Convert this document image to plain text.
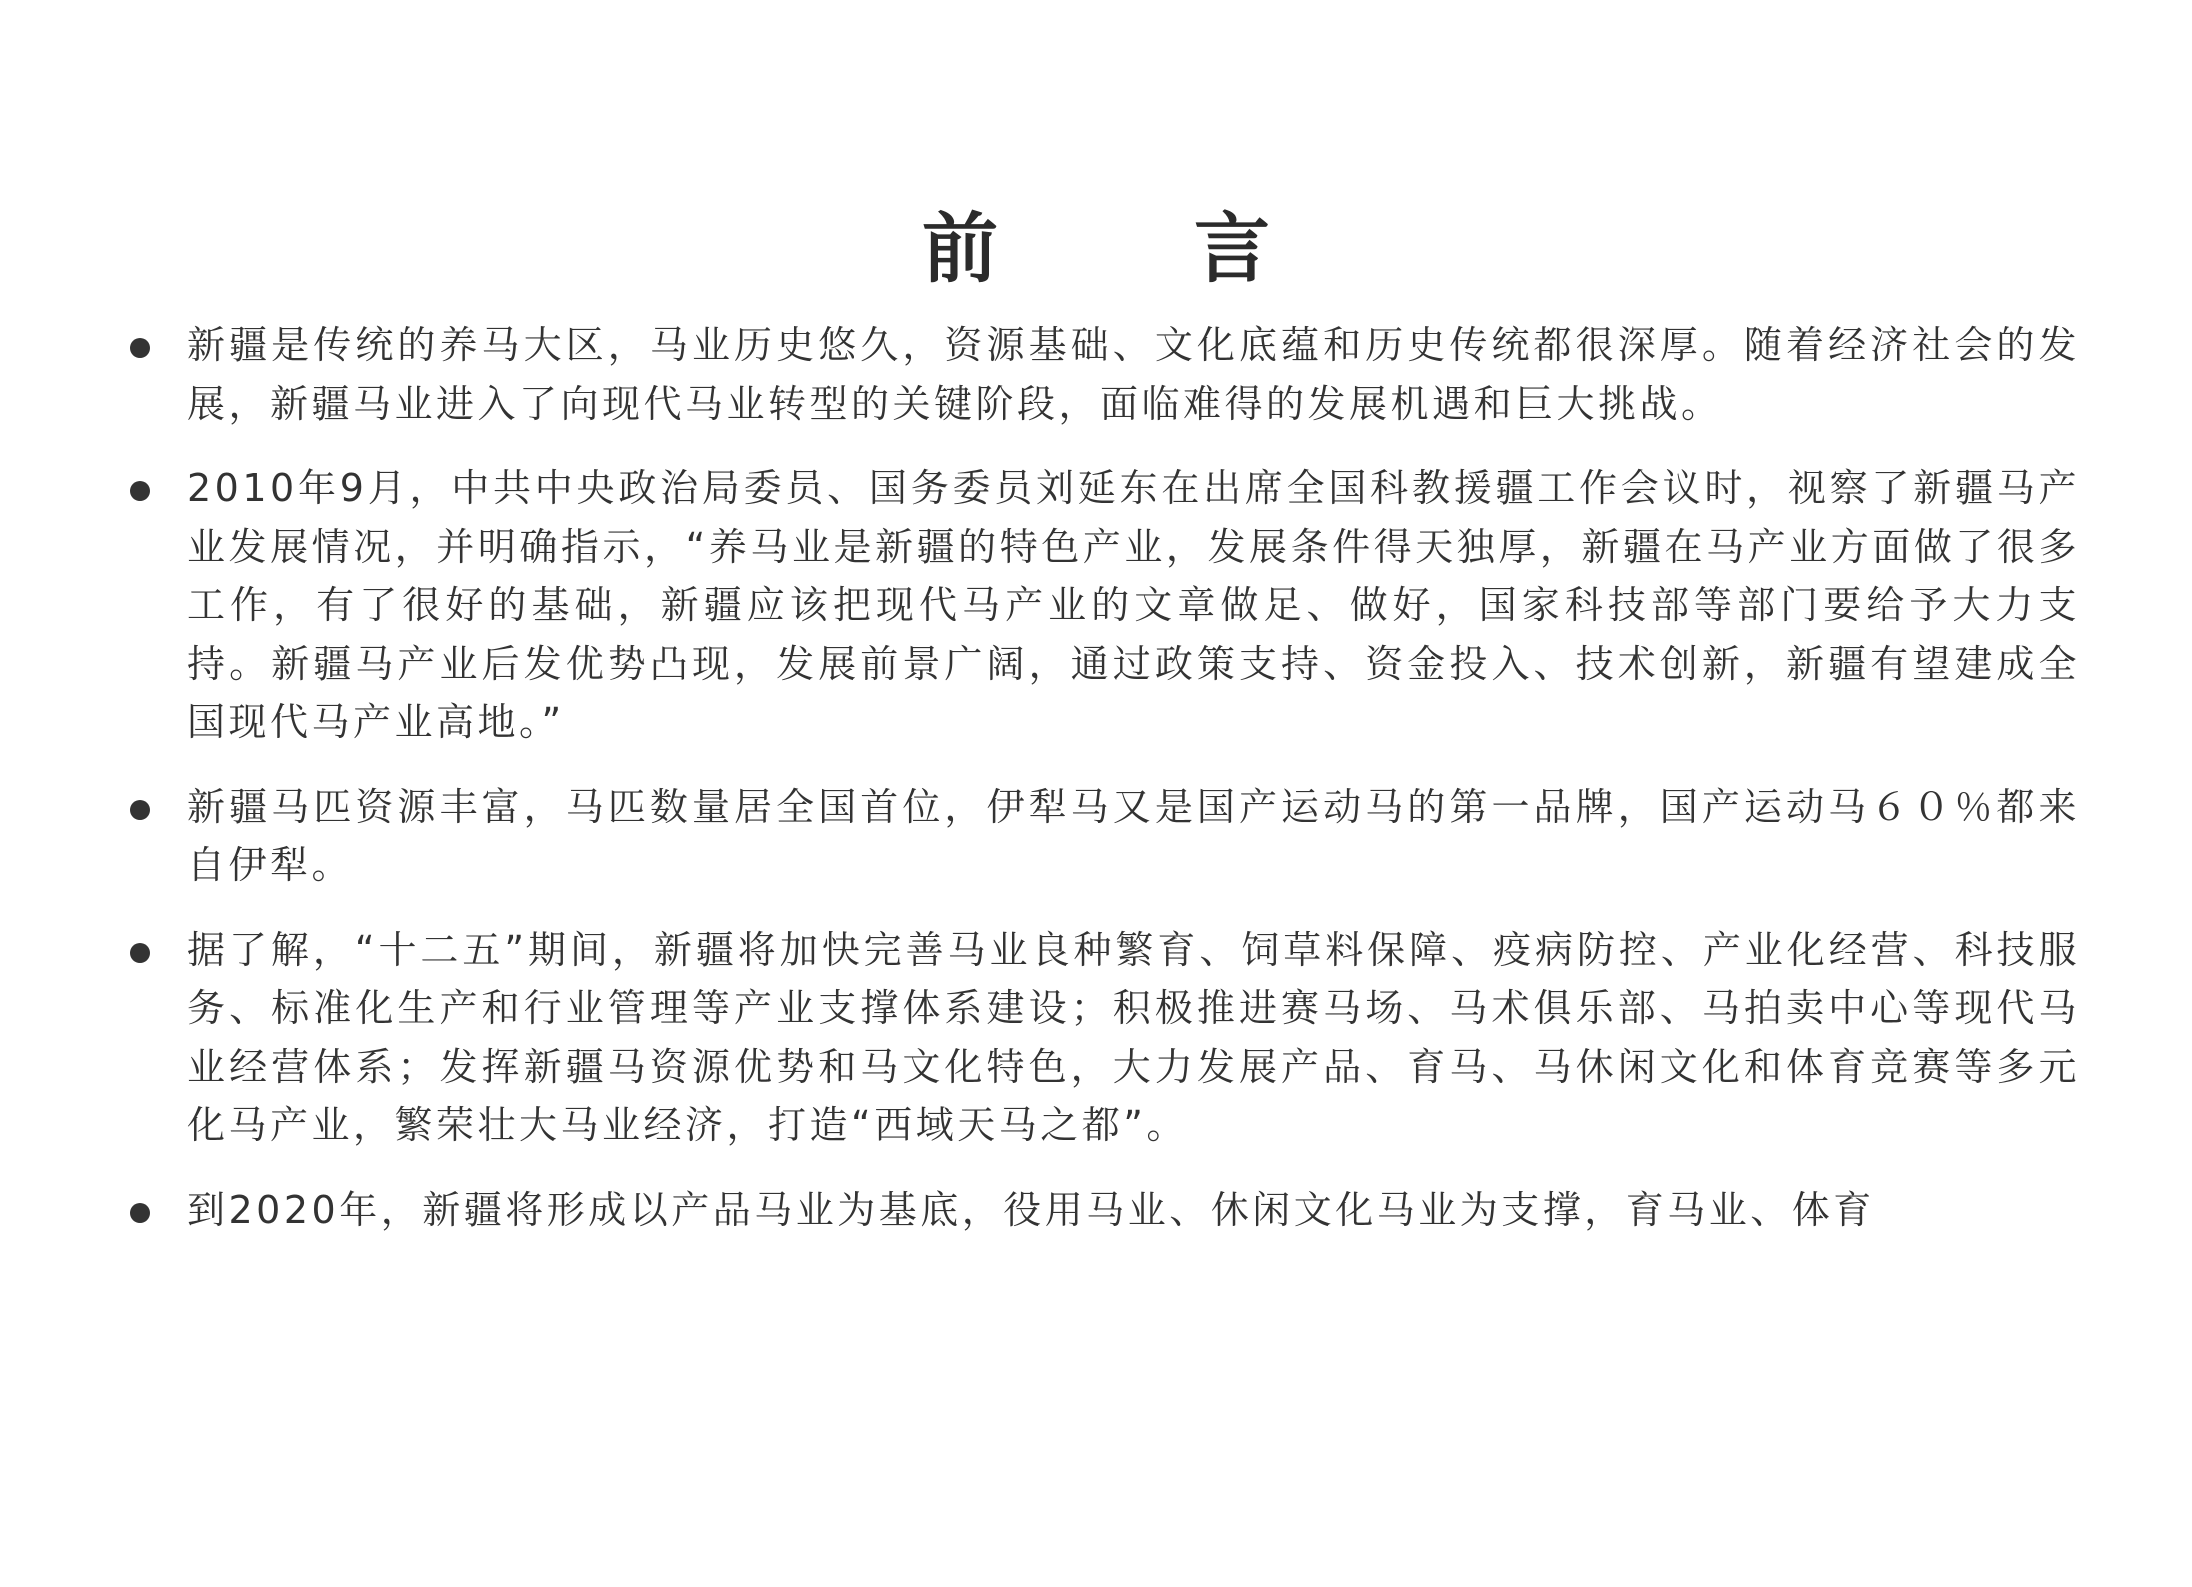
前　言
新疆是传统的养马大区，马业历史悠久，资源基础、文化底蕴和历史传统都很深厚。随着经济社会的发展，新疆马业进入了向现代马业转型的关键阶段，面临难得的发展机遇和巨大挑战。
2010年9月，中共中央政治局委员、国务委员刘延东在出席全国科教援疆工作会议时，视察了新疆马产业发展情况，并明确指示，“养马业是新疆的特色产业，发展条件得天独厚，新疆在马产业方面做了很多工作，有了很好的基础，新疆应该把现代马产业的文章做足、做好，国家科技部等部门要给予大力支持。新疆马产业后发优势凸现，发展前景广阔，通过政策支持、资金投入、技术创新，新疆有望建成全国现代马产业高地。”
新疆马匹资源丰富，马匹数量居全国首位，伊犁马又是国产运动马的第一品牌，国产运动马６０％都来自伊犁。
据了解，“十二五”期间，新疆将加快完善马业良种繁育、饲草料保障、疫病防控、产业化经营、科技服务、标准化生产和行业管理等产业支撑体系建设；积极推进赛马场、马术俱乐部、马拍卖中心等现代马业经营体系；发挥新疆马资源优势和马文化特色，大力发展产品、育马、马休闲文化和体育竞赛等多元化马产业，繁荣壮大马业经济，打造“西域天马之都”。
到2020年，新疆将形成以产品马业为基底，役用马业、休闲文化马业为支撑，育马业、体育
